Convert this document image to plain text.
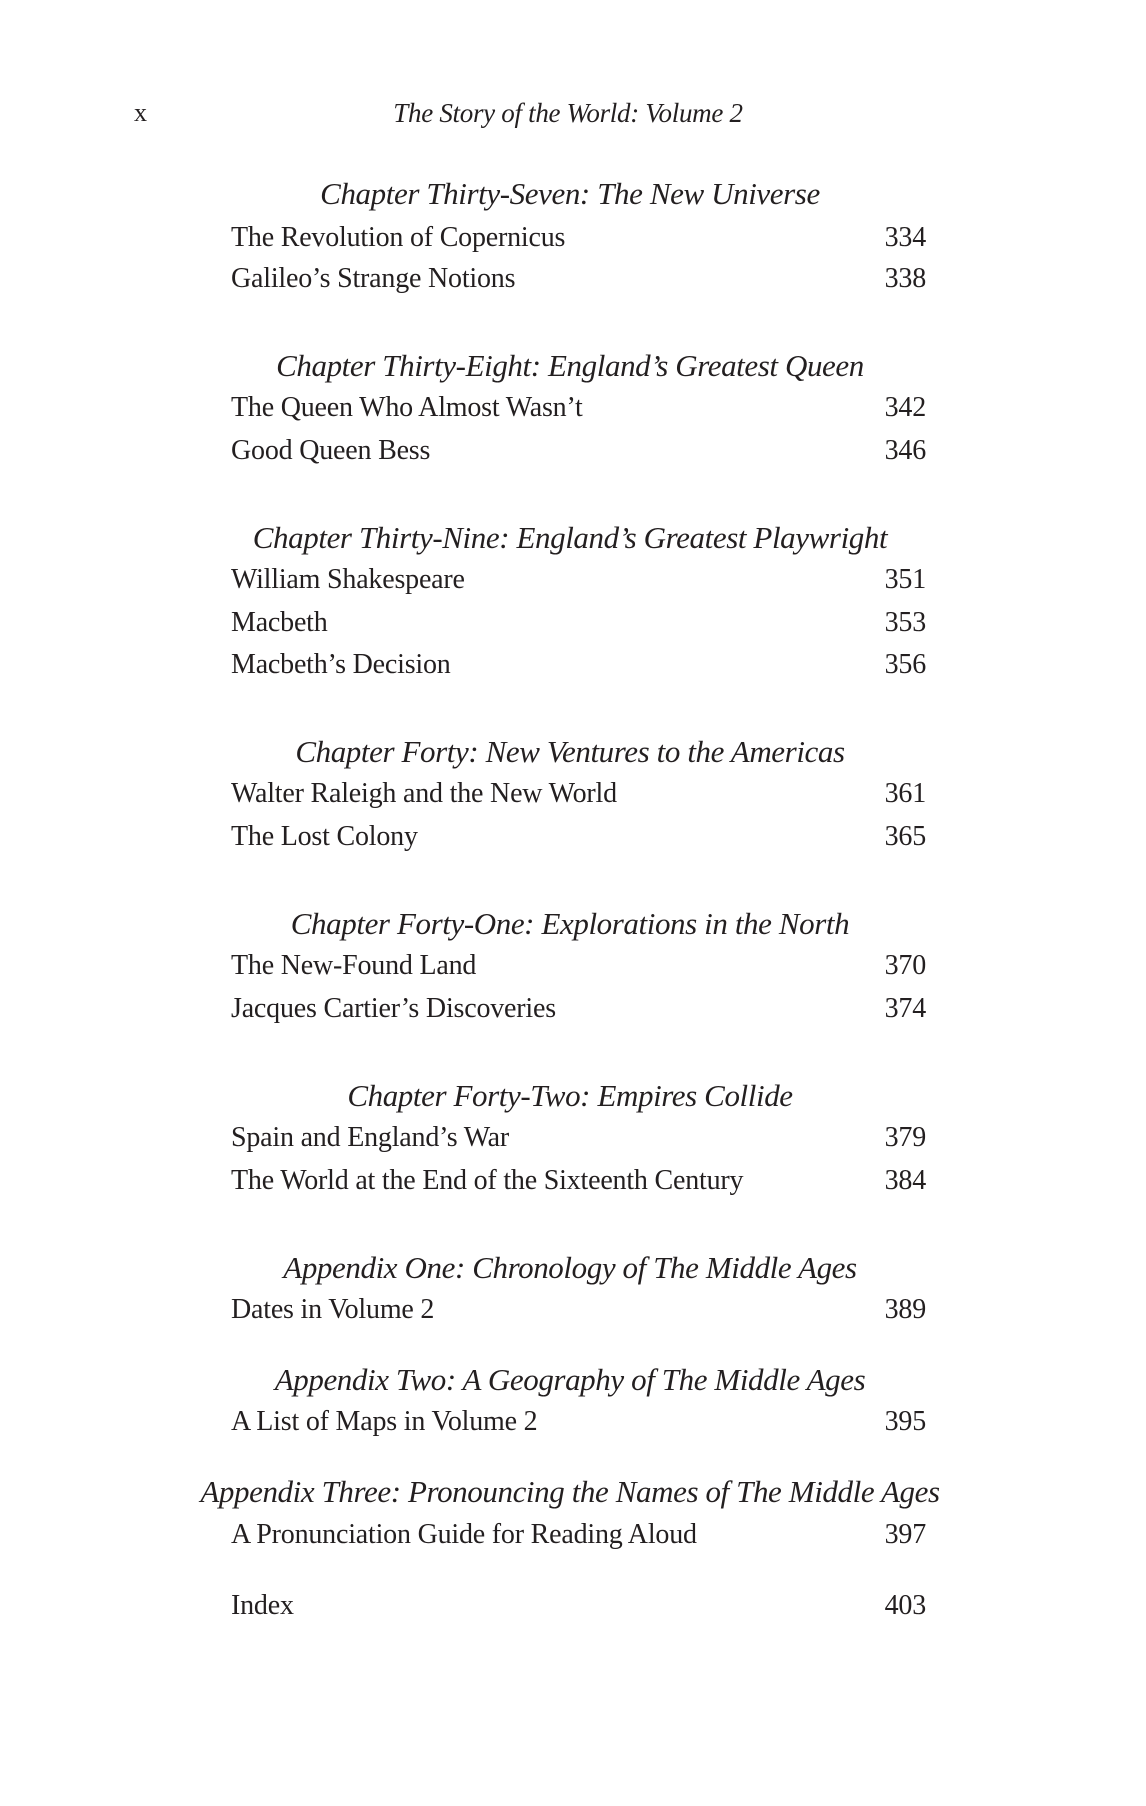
x	The Story of the World: Volume 2
Chapter Thirty-Seven: The New Universe
The Revolution of Copernicus	334
Galileo’s Strange Notions	338
Chapter Thirty-Eight: England’s Greatest Queen
The Queen Who Almost Wasn’t	342
Good Queen Bess	346
Chapter Thirty-Nine: England’s Greatest Playwright
William Shakespeare	351
Macbeth	353
Macbeth’s Decision	356
Chapter Forty: New Ventures to the Americas
Walter Raleigh and the New World	361
The Lost Colony	365
Chapter Forty-One: Explorations in the North
The New-Found Land	370
Jacques Cartier’s Discoveries	374
Chapter Forty-Two: Empires Collide
Spain and England’s War	379
The World at the End of the Sixteenth Century	384
Appendix One: Chronology of The Middle Ages
Dates in Volume 2	389
Appendix Two: A Geography of The Middle Ages
A List of Maps in Volume 2	395
Appendix Three: Pronouncing the Names of The Middle Ages
A Pronunciation Guide for Reading Aloud	397
Index	403
